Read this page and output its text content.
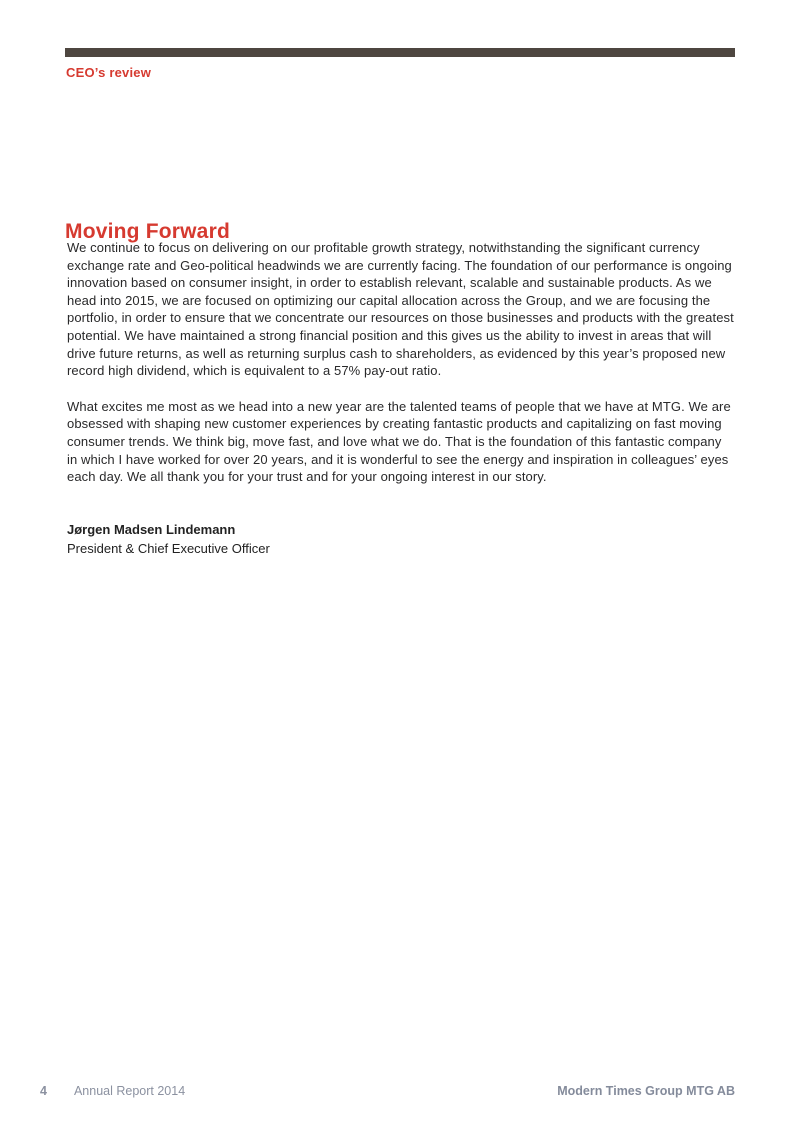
CEO’s review
Moving Forward

We continue to focus on delivering on our profitable growth strategy, notwithstanding the significant currency exchange rate and Geo-political headwinds we are currently facing. The foundation of our performance is ongoing innovation based on consumer insight, in order to establish relevant, scalable and sustainable products. As we head into 2015, we are focused on optimizing our capital allocation across the Group, and we are focusing the portfolio, in order to ensure that we concentrate our resources on those businesses and products with the greatest potential. We have maintained a strong financial position and this gives us the ability to invest in areas that will drive future returns, as well as returning surplus cash to shareholders, as evidenced by this year’s proposed new record high dividend, which is equivalent to a 57% pay-out ratio.

What excites me most as we head into a new year are the talented teams of people that we have at MTG. We are obsessed with shaping new customer experiences by creating fantastic products and capitalizing on fast moving consumer trends. We think big, move fast, and love what we do. That is the foundation of this fantastic company in which I have worked for over 20 years, and it is wonderful to see the energy and inspiration in colleagues’ eyes each day. We all thank you for your trust and for your ongoing interest in our story.

Jørgen Madsen Lindemann
President & Chief Executive Officer
4 Annual Report 2014	Modern Times Group MTG AB
